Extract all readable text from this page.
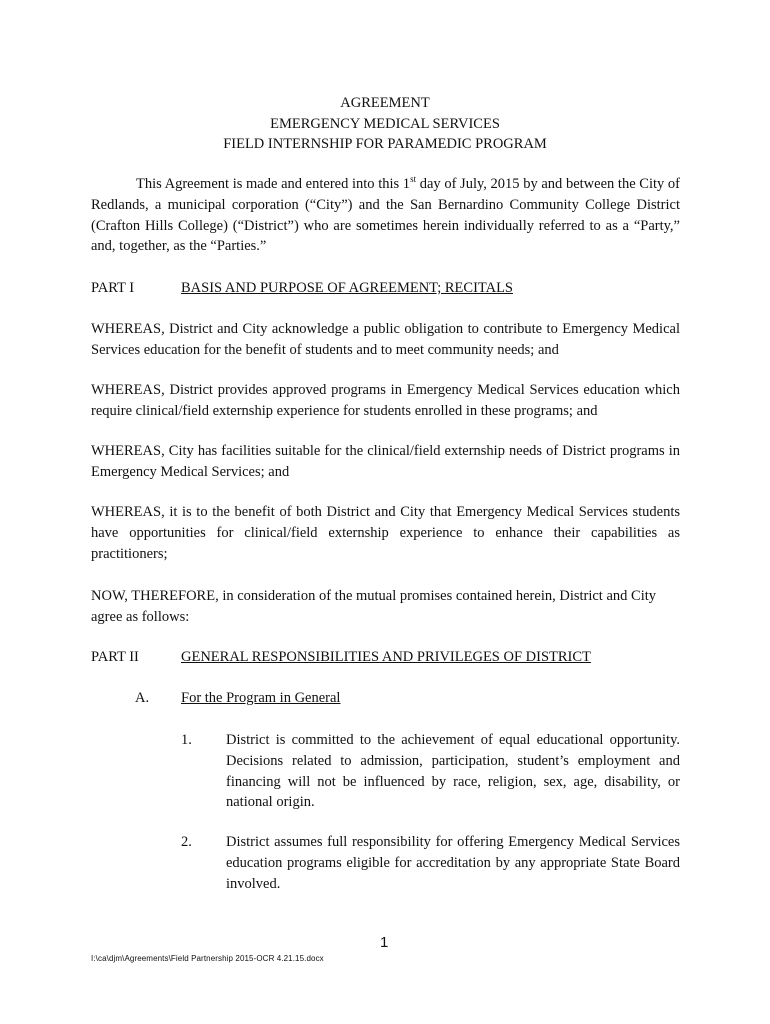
AGREEMENT
EMERGENCY MEDICAL SERVICES
FIELD INTERNSHIP FOR PARAMEDIC PROGRAM
This Agreement is made and entered into this 1st day of July, 2015 by and between the City of Redlands, a municipal corporation (“City”) and the San Bernardino Community College District (Crafton Hills College) (“District”) who are sometimes herein individually referred to as a “Party,” and, together, as the “Parties.”
PART I	BASIS AND PURPOSE OF AGREEMENT; RECITALS
WHEREAS, District and City acknowledge a public obligation to contribute to Emergency Medical Services education for the benefit of students and to meet community needs; and
WHEREAS, District provides approved programs in Emergency Medical Services education which require clinical/field externship experience for students enrolled in these programs; and
WHEREAS, City has facilities suitable for the clinical/field externship needs of District programs in Emergency Medical Services; and
WHEREAS, it is to the benefit of both District and City that Emergency Medical Services students have opportunities for clinical/field externship experience to enhance their capabilities as practitioners;
NOW, THEREFORE, in consideration of the mutual promises contained herein, District and City agree as follows:
PART II	GENERAL RESPONSIBILITIES AND PRIVILEGES OF DISTRICT
A. For the Program in General
1. District is committed to the achievement of equal educational opportunity. Decisions related to admission, participation, student’s employment and financing will not be influenced by race, religion, sex, age, disability, or national origin.
2. District assumes full responsibility for offering Emergency Medical Services education programs eligible for accreditation by any appropriate State Board involved.
1
I:\ca\djm\Agreements\Field Partnership 2015-OCR 4.21.15.docx
